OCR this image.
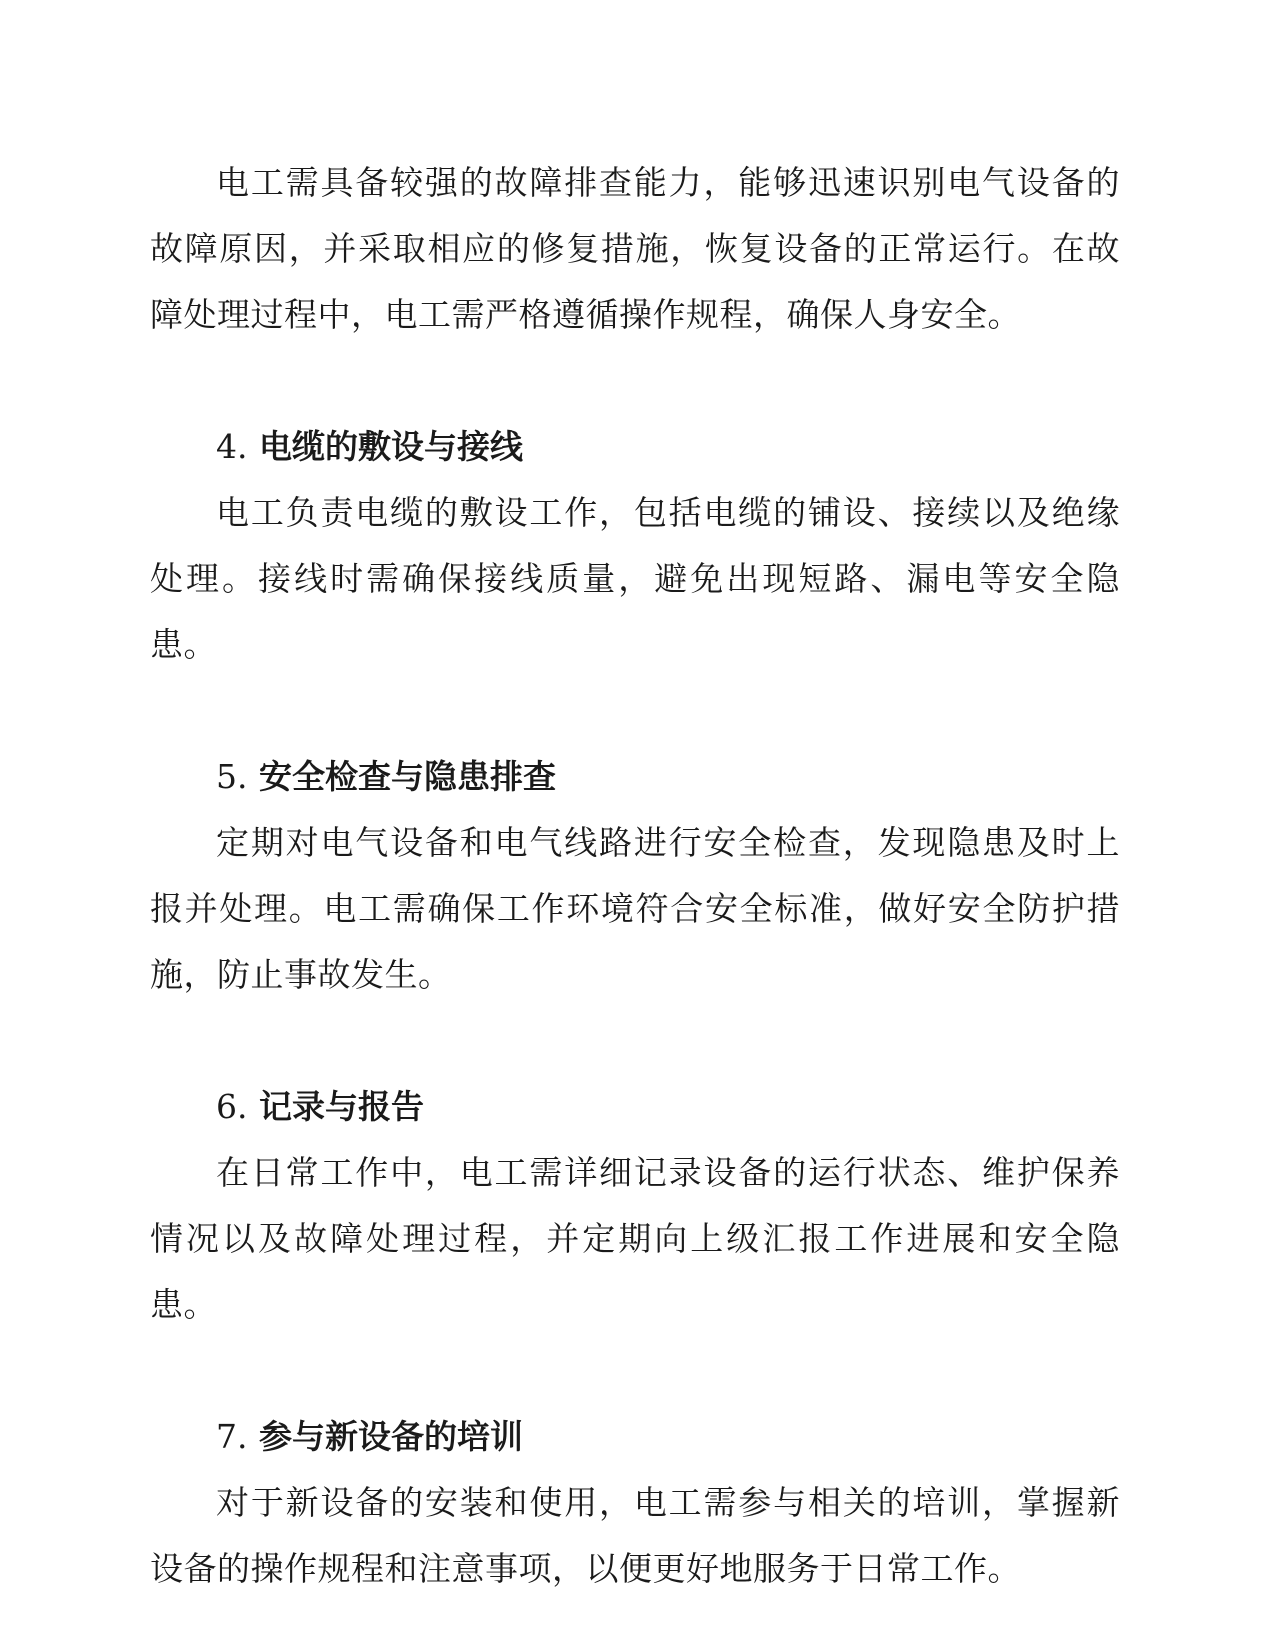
电工需具备较强的故障排查能力，能够迅速识别电气设备的故障原因，并采取相应的修复措施，恢复设备的正常运行。在故障处理过程中，电工需严格遵循操作规程，确保人身安全。

4. 电缆的敷设与接线

电工负责电缆的敷设工作，包括电缆的铺设、接续以及绝缘处理。接线时需确保接线质量，避免出现短路、漏电等安全隐患。

5. 安全检查与隐患排查

定期对电气设备和电气线路进行安全检查，发现隐患及时上报并处理。电工需确保工作环境符合安全标准，做好安全防护措施，防止事故发生。

6. 记录与报告

在日常工作中，电工需详细记录设备的运行状态、维护保养情况以及故障处理过程，并定期向上级汇报工作进展和安全隐患。

7. 参与新设备的培训

对于新设备的安装和使用，电工需参与相关的培训，掌握新设备的操作规程和注意事项，以便更好地服务于日常工作。
